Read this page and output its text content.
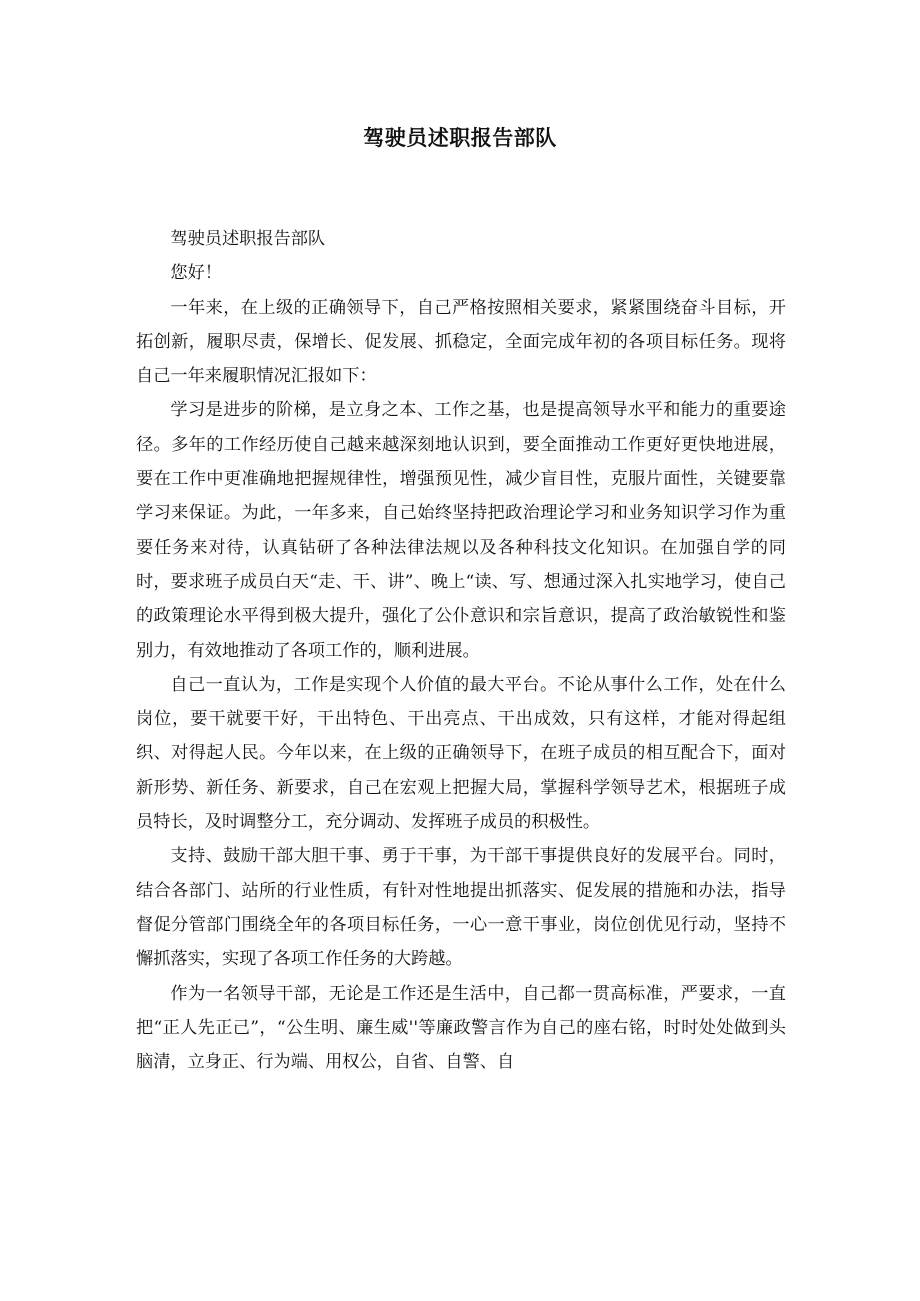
驾驶员述职报告部队

驾驶员述职报告部队

您好！

一年来，在上级的正确领导下，自己严格按照相关要求，紧紧围绕奋斗目标，开拓创新，履职尽责，保增长、促发展、抓稳定，全面完成年初的各项目标任务。现将自己一年来履职情况汇报如下：

学习是进步的阶梯，是立身之本、工作之基，也是提高领导水平和能力的重要途径。多年的工作经历使自己越来越深刻地认识到，要全面推动工作更好更快地进展，要在工作中更准确地把握规律性，增强预见性，减少盲目性，克服片面性，关键要靠学习来保证。为此，一年多来，自己始终坚持把政治理论学习和业务知识学习作为重要任务来对待，认真钻研了各种法律法规以及各种科技文化知识。在加强自学的同时，要求班子成员白天“走、干、讲”、晚上“读、写、想通过深入扎实地学习，使自己的政策理论水平得到极大提升，强化了公仆意识和宗旨意识，提高了政治敏锐性和鉴别力，有效地推动了各项工作的，顺利进展。

自己一直认为，工作是实现个人价值的最大平台。不论从事什么工作，处在什么岗位，要干就要干好，干出特色、干出亮点、干出成效，只有这样，才能对得起组织、对得起人民。今年以来，在上级的正确领导下，在班子成员的相互配合下，面对新形势、新任务、新要求，自己在宏观上把握大局，掌握科学领导艺术，根据班子成员特长，及时调整分工，充分调动、发挥班子成员的积极性。

支持、鼓励干部大胆干事、勇于干事，为干部干事提供良好的发展平台。同时，结合各部门、站所的行业性质，有针对性地提出抓落实、促发展的措施和办法，指导督促分管部门围绕全年的各项目标任务，一心一意干事业，岗位创优见行动，坚持不懈抓落实，实现了各项工作任务的大跨越。

作为一名领导干部，无论是工作还是生活中，自己都一贯高标准，严要求，一直把“正人先正己”，“公生明、廉生威''等廉政警言作为自己的座右铭，时时处处做到头脑清，立身正、行为端、用权公，自省、自警、自
